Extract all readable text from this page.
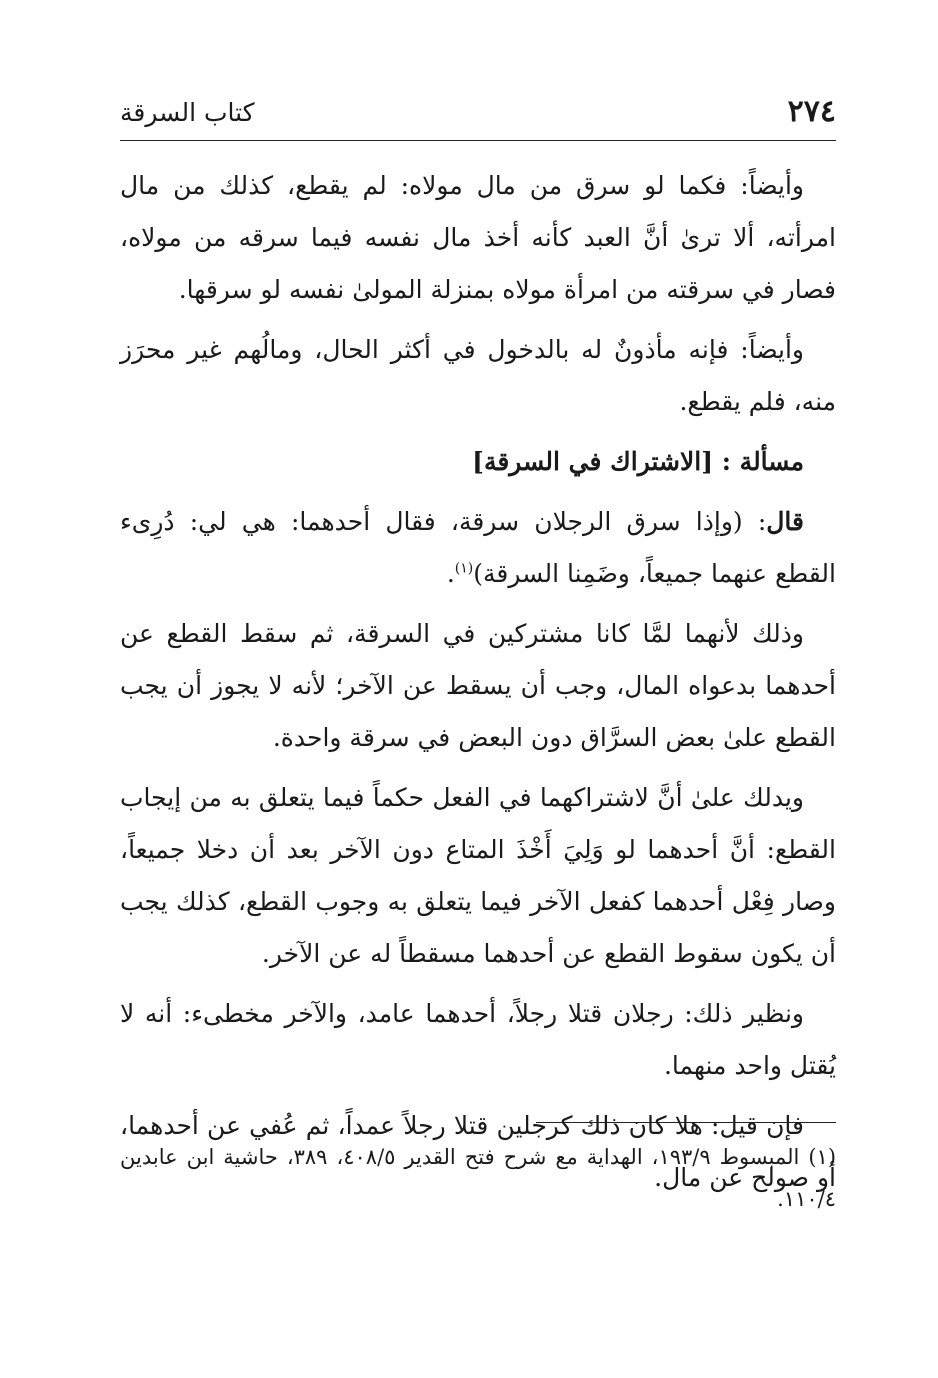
٢٧٤
كتاب السرقة

وأيضاً: فكما لو سرق من مال مولاه: لم يقطع، كذلك من مال امرأته، ألا ترىٰ أنَّ العبد كأنه أخذ مال نفسه فيما سرقه من مولاه، فصار في سرقته من امرأة مولاه بمنزلة المولىٰ نفسه لو سرقها.

وأيضاً: فإنه مأذونٌ له بالدخول في أكثر الحال، ومالُهم غير محرَز منه، فلم يقطع.

مسألة : [الاشتراك في السرقة]

قال: (وإذا سرق الرجلان سرقة، فقال أحدهما: هي لي: دُرِىء القطع عنهما جميعاً، وضَمِنا السرقة)$^{(١)}$.

وذلك لأنهما لمَّا كانا مشتركين في السرقة، ثم سقط القطع عن أحدهما بدعواه المال، وجب أن يسقط عن الآخر؛ لأنه لا يجوز أن يجب القطع علىٰ بعض السرَّاق دون البعض في سرقة واحدة.

ويدلك علىٰ أنَّ لاشتراكهما في الفعل حكماً فيما يتعلق به من إيجاب القطع: أنَّ أحدهما لو وَلِيَ أَخْذَ المتاع دون الآخر بعد أن دخلا جميعاً، وصار فِعْل أحدهما كفعل الآخر فيما يتعلق به وجوب القطع، كذلك يجب أن يكون سقوط القطع عن أحدهما مسقطاً له عن الآخر.

ونظير ذلك: رجلان قتلا رجلاً، أحدهما عامد، والآخر مخطىء: أنه لا يُقتل واحد منهما.

فإن قيل: هلا كان ذلك كرجلين قتلا رجلاً عمداً، ثم عُفي عن أحدهما، أو صولح عن مال.

(١) المبسوط ١٩٣/٩، الهداية مع شرح فتح القدير ٤٠٨/٥، ٣٨٩، حاشية ابن عابدين ١١٠/٤.
